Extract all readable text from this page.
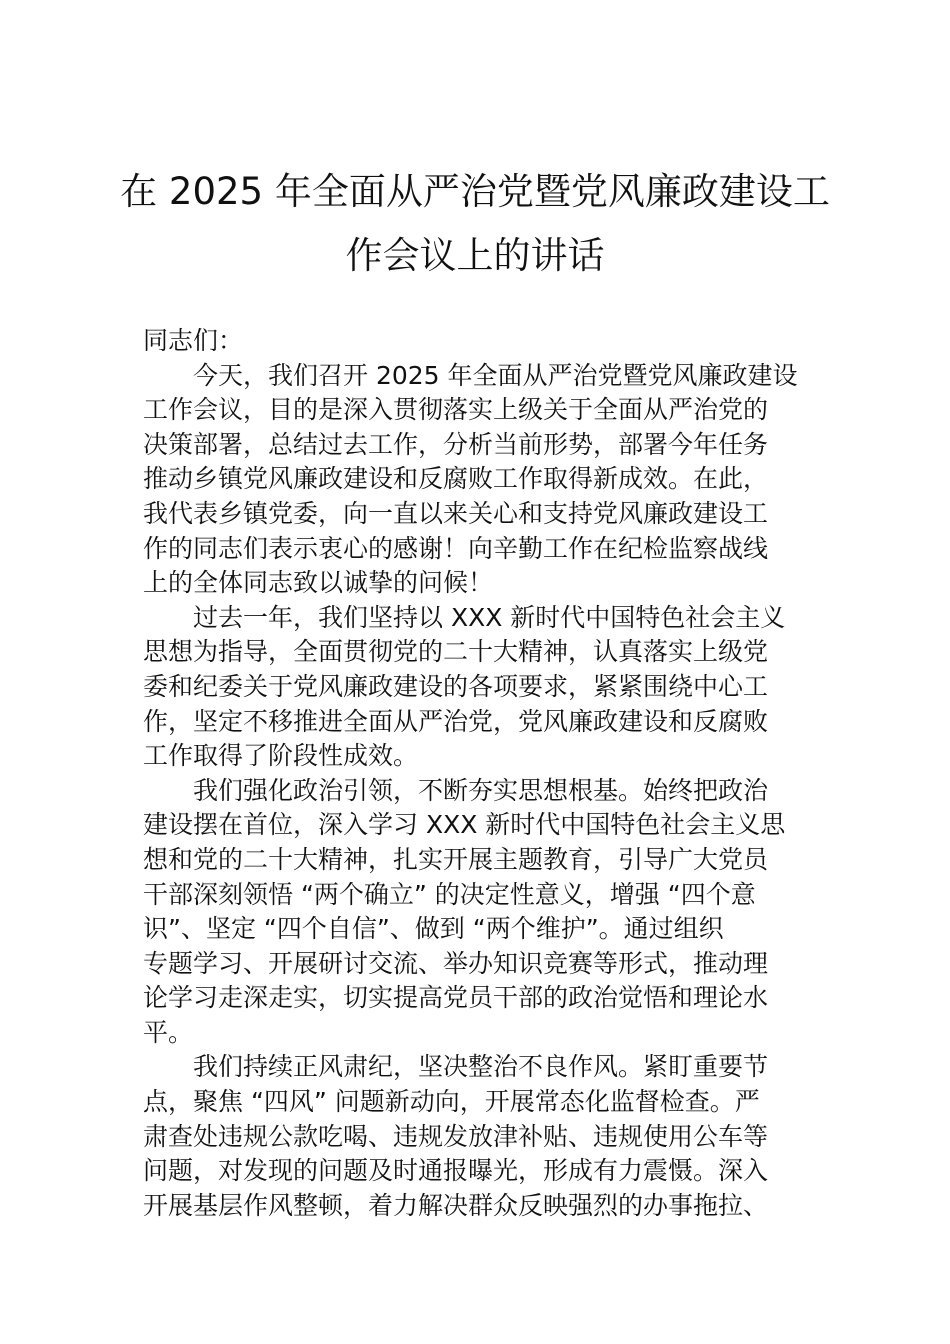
在 2025 年全面从严治党暨党风廉政建设工
作会议上的讲话
同志们：
今天，我们召开 2025 年全面从严治党暨党风廉政建设
工作会议，目的是深入贯彻落实上级关于全面从严治党的
决策部署，总结过去工作，分析当前形势，部署今年任务
推动乡镇党风廉政建设和反腐败工作取得新成效。在此，
我代表乡镇党委，向一直以来关心和支持党风廉政建设工
作的同志们表示衷心的感谢！向辛勤工作在纪检监察战线
上的全体同志致以诚挚的问候！
过去一年，我们坚持以 XXX 新时代中国特色社会主义
思想为指导，全面贯彻党的二十大精神，认真落实上级党
委和纪委关于党风廉政建设的各项要求，紧紧围绕中心工
作，坚定不移推进全面从严治党，党风廉政建设和反腐败
工作取得了阶段性成效。
我们强化政治引领，不断夯实思想根基。始终把政治
建设摆在首位，深入学习 XXX 新时代中国特色社会主义思
想和党的二十大精神，扎实开展主题教育，引导广大党员
干部深刻领悟 “两个确立” 的决定性意义，增强 “四个意
识”、坚定 “四个自信”、做到 “两个维护”。通过组织
专题学习、开展研讨交流、举办知识竞赛等形式，推动理
论学习走深走实，切实提高党员干部的政治觉悟和理论水
平。
我们持续正风肃纪，坚决整治不良作风。紧盯重要节
点，聚焦 “四风” 问题新动向，开展常态化监督检查。严
肃查处违规公款吃喝、违规发放津补贴、违规使用公车等
问题，对发现的问题及时通报曝光，形成有力震慑。深入
开展基层作风整顿，着力解决群众反映强烈的办事拖拉、
